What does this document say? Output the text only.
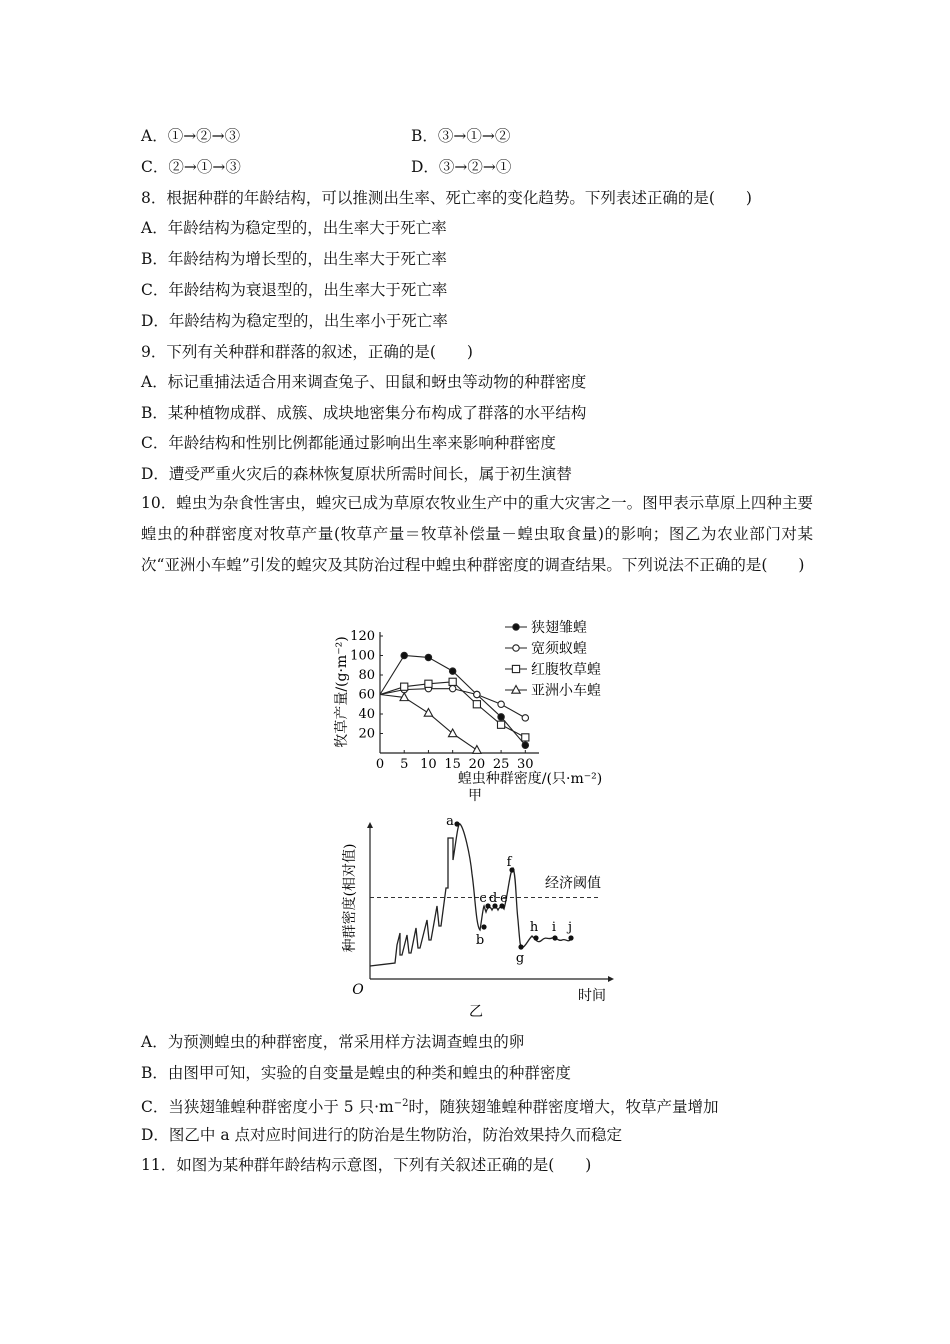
A．①→②→③	B．③→①→②
C．②→①→③	D．③→②→①
8．根据种群的年龄结构，可以推测出生率、死亡率的变化趋势。下列表述正确的是(　　)
A．年龄结构为稳定型的，出生率大于死亡率
B．年龄结构为增长型的，出生率大于死亡率
C．年龄结构为衰退型的，出生率大于死亡率
D．年龄结构为稳定型的，出生率小于死亡率
9．下列有关种群和群落的叙述，正确的是(　　)
A．标记重捕法适合用来调查兔子、田鼠和蚜虫等动物的种群密度
B．某种植物成群、成簇、成块地密集分布构成了群落的水平结构
C．年龄结构和性别比例都能通过影响出生率来影响种群密度
D．遭受严重火灾后的森林恢复原状所需时间长，属于初生演替
10．蝗虫为杂食性害虫，蝗灾已成为草原农牧业生产中的重大灾害之一。图甲表示草原上四种主要蝗虫的种群密度对牧草产量(牧草产量＝牧草补偿量－蝗虫取食量)的影响；图乙为农业部门对某次“亚洲小车蝗”引发的蝗灾及其防治过程中蝗虫种群密度的调查结果。下列说法不正确的是(　　)
20
40
60
80
100
120
0 5 10 15 20 25 30
牧草产量/(g·m⁻²)
蝗虫种群密度/(只·m⁻²)
甲
狭翅雏蝗
宽须蚁蝗
红腹牧草蝗
亚洲小车蝗
经济阈值
a
b
c d e
f
g
h i j
种群密度(相对值)
O	时间
乙
A．为预测蝗虫的种群密度，常采用样方法调查蝗虫的卵
B．由图甲可知，实验的自变量是蝗虫的种类和蝗虫的种群密度
C．当狭翅雏蝗种群密度小于 5 只$\cdot m^{-2}$时，随狭翅雏蝗种群密度增大，牧草产量增加
D．图乙中 a 点对应时间进行的防治是生物防治，防治效果持久而稳定
11．如图为某种群年龄结构示意图，下列有关叙述正确的是(　　)
